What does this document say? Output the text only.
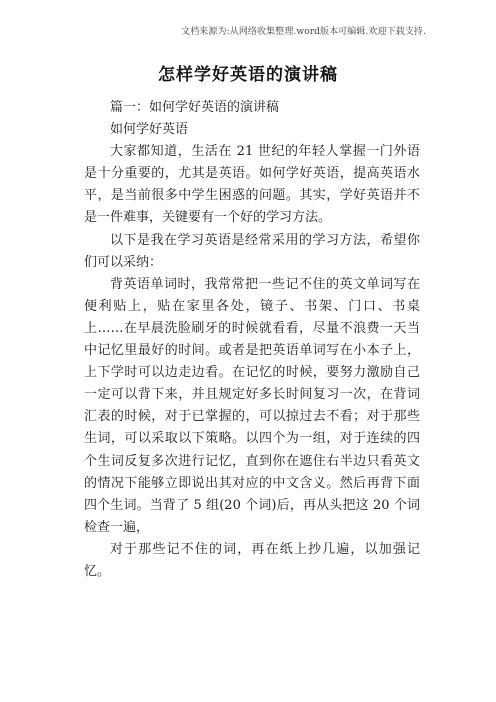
文档来源为:从网络收集整理.word版本可编辑.欢迎下载支持.
怎样学好英语的演讲稿

篇一：如何学好英语的演讲稿

如何学好英语

大家都知道，生活在 21 世纪的年轻人掌握一门外语是十分重要的，尤其是英语。如何学好英语，提高英语水平，是当前很多中学生困惑的问题。其实，学好英语并不是一件难事，关键要有一个好的学习方法。

以下是我在学习英语是经常采用的学习方法，希望你们可以采纳：

背英语单词时，我常常把一些记不住的英文单词写在便利贴上，贴在家里各处，镜子、书架、门口、书桌上……在早晨洗脸刷牙的时候就看看，尽量不浪费一天当中记忆里最好的时间。或者是把英语单词写在小本子上，上下学时可以边走边看。在记忆的时候，要努力激励自己一定可以背下来，并且规定好多长时间复习一次，在背词汇表的时候，对于已掌握的，可以掠过去不看；对于那些生词，可以采取以下策略。以四个为一组，对于连续的四个生词反复多次进行记忆，直到你在遮住右半边只看英文的情况下能够立即说出其对应的中文含义。然后再背下面四个生词。当背了 5 组(20 个词)后，再从头把这 20 个词检查一遍，

对于那些记不住的词，再在纸上抄几遍，以加强记忆。
